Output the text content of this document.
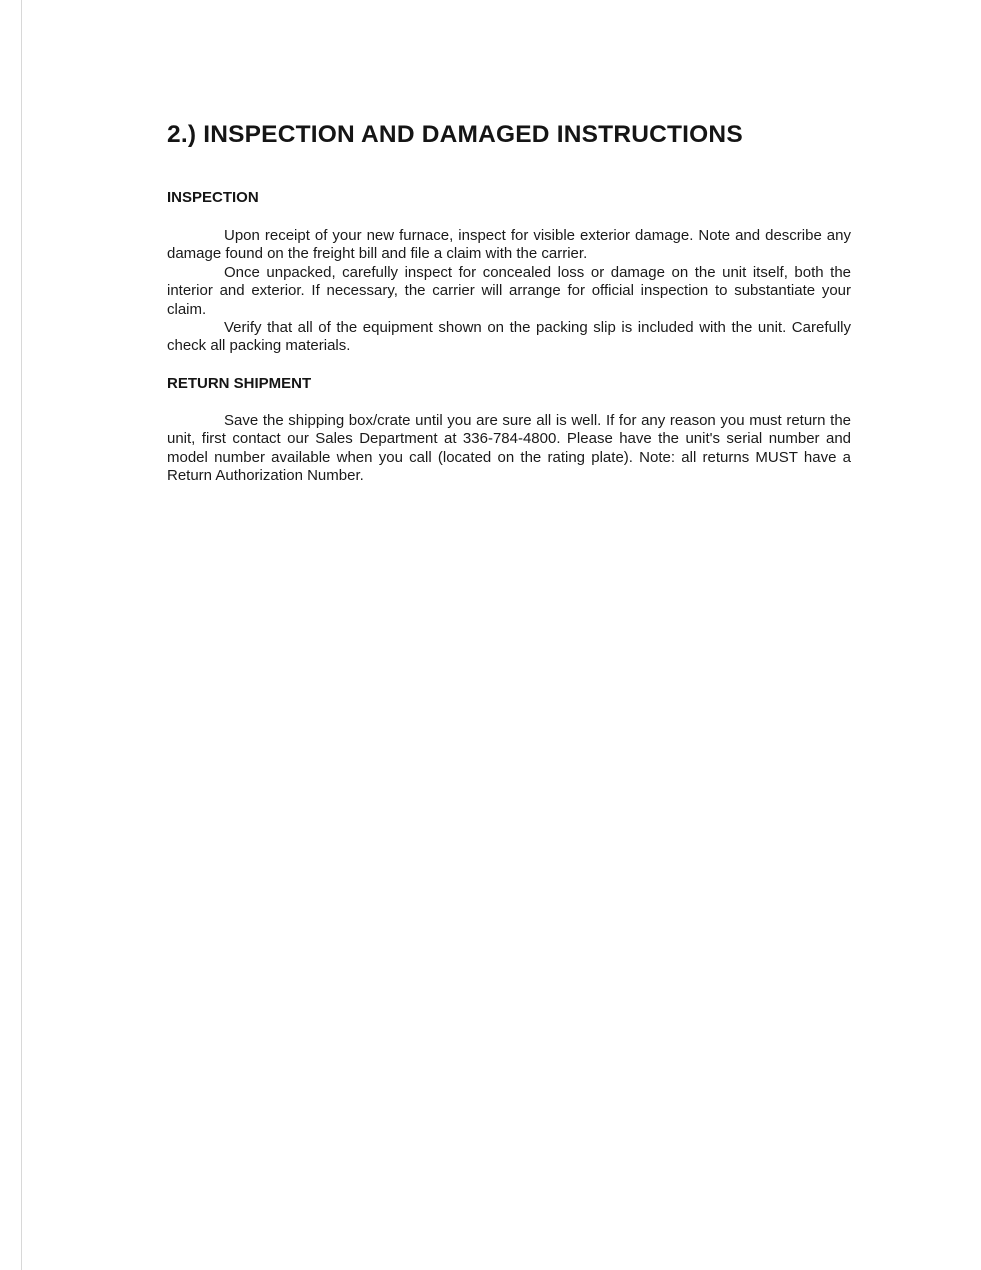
2.) INSPECTION AND DAMAGED INSTRUCTIONS
INSPECTION

Upon receipt of your new furnace, inspect for visible exterior damage. Note and describe any damage found on the freight bill and file a claim with the carrier.

Once unpacked, carefully inspect for concealed loss or damage on the unit itself, both the interior and exterior. If necessary, the carrier will arrange for official inspection to substantiate your claim.

Verify that all of the equipment shown on the packing slip is included with the unit. Carefully check all packing materials.

RETURN SHIPMENT

Save the shipping box/crate until you are sure all is well. If for any reason you must return the unit, first contact our Sales Department at 336-784-4800. Please have the unit's serial number and model number available when you call (located on the rating plate). Note: all returns MUST have a Return Authorization Number.
